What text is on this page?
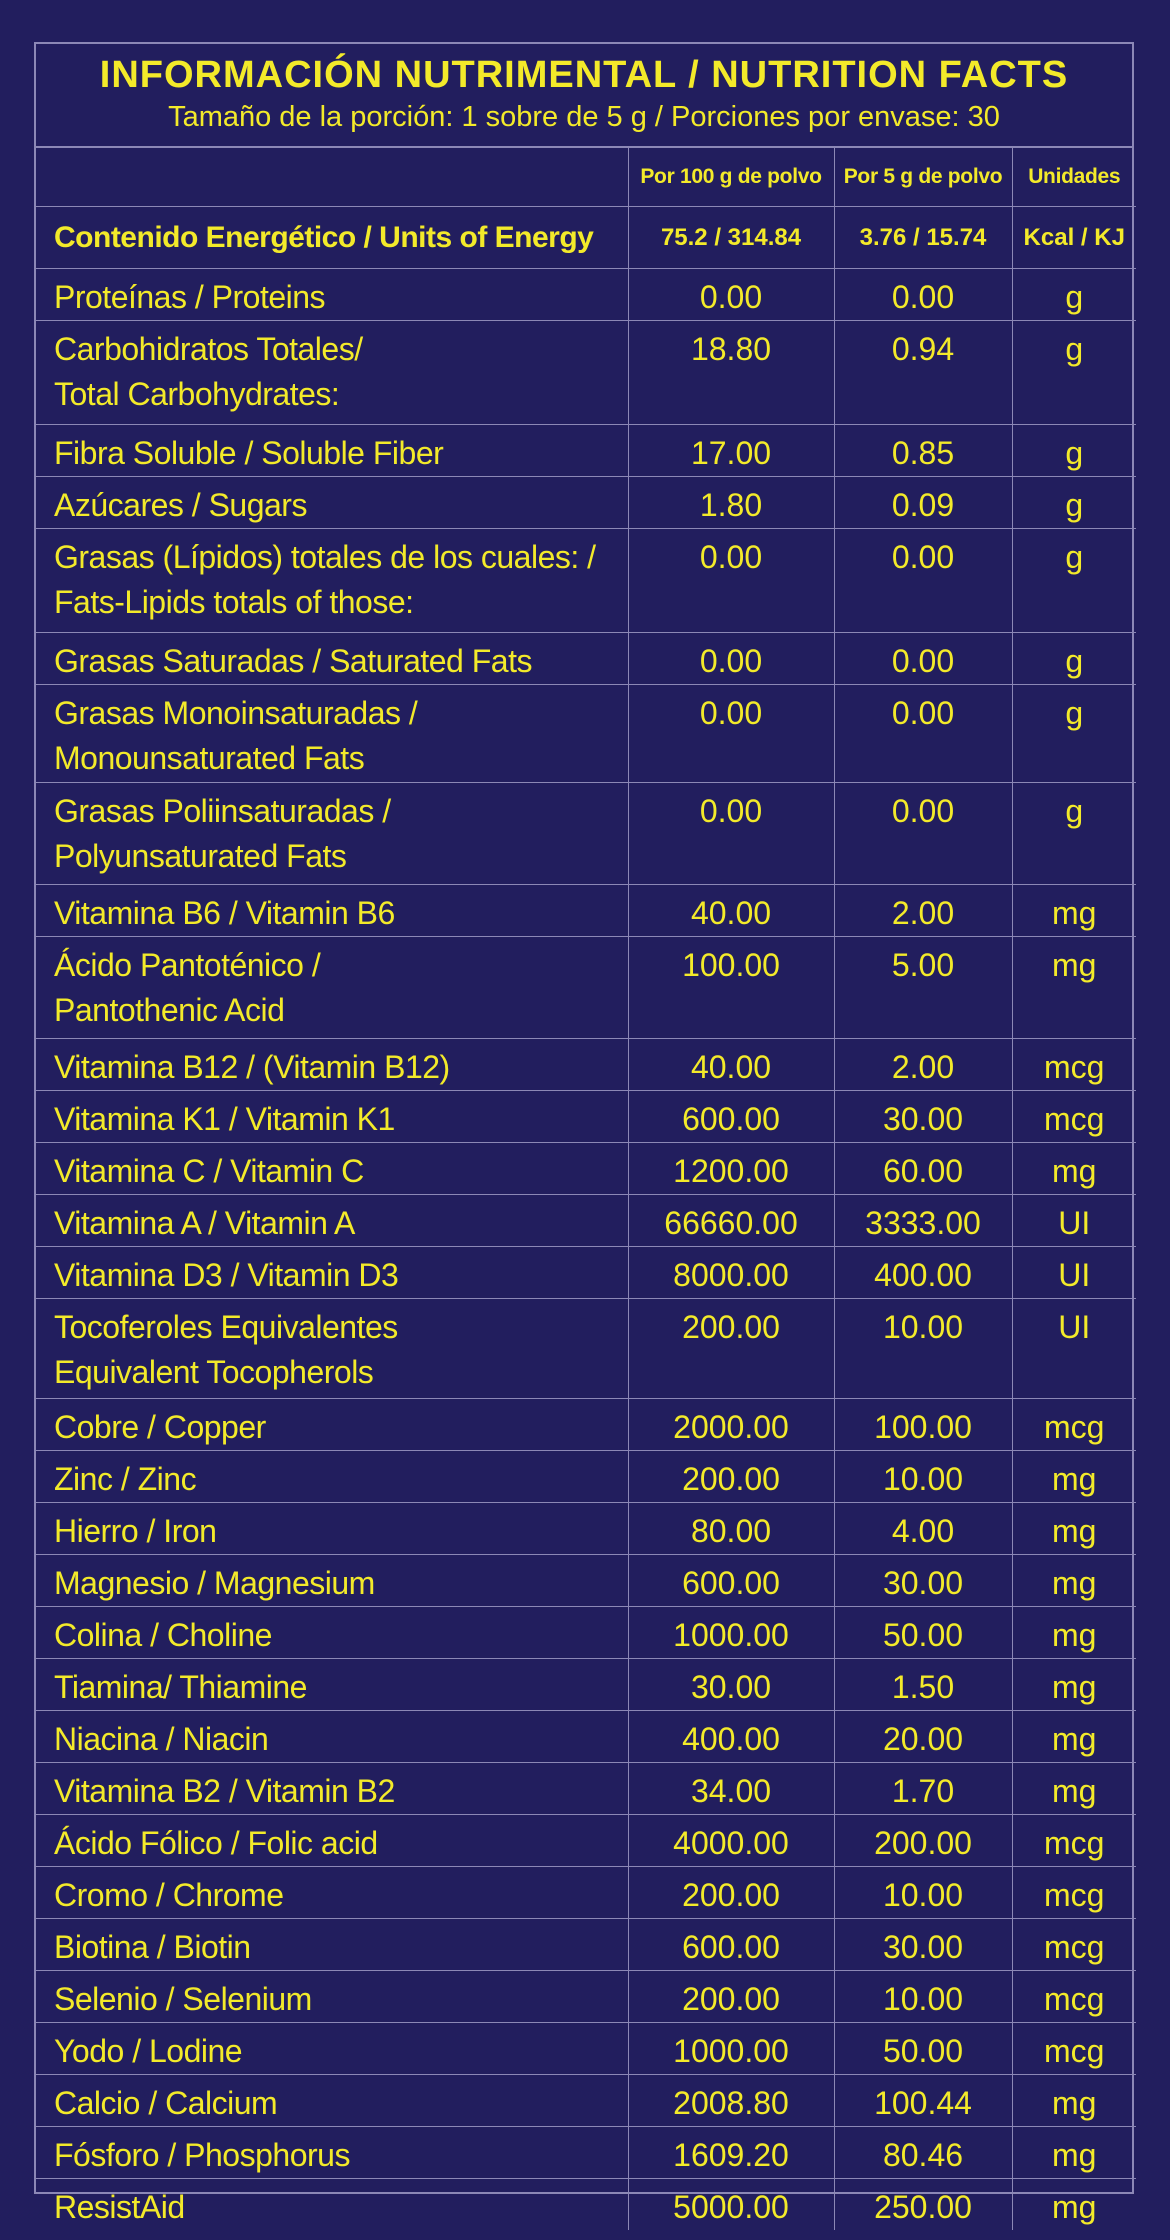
INFORMACIÓN NUTRIMENTAL / NUTRITION FACTS
Tamaño de la porción: 1 sobre de 5 g / Porciones por envase: 30
	Por 100 g de polvo	Por 5 g de polvo	Unidades
Contenido Energético / Units of Energy	75.2 / 314.84	3.76 / 15.74	Kcal / KJ

Proteínas / Proteins	0.00	0.00	g

Carbohidratos Totales/
Total Carbohydrates:	18.80	0.94	g

Fibra Soluble / Soluble Fiber	17.00	0.85	g

Azúcares / Sugars	1.80	0.09	g

Grasas (Lípidos) totales de los cuales: /
Fats-Lipids totals of those:	0.00	0.00	g

Grasas Saturadas / Saturated Fats	0.00	0.00	g

Grasas Monoinsaturadas /
Monounsaturated Fats	0.00	0.00	g

Grasas Poliinsaturadas /
Polyunsaturated Fats	0.00	0.00	g

Vitamina B6 / Vitamin B6	40.00	2.00	mg

Ácido Pantoténico /
Pantothenic Acid	100.00	5.00	mg

Vitamina B12 / (Vitamin B12)	40.00	2.00	mcg

Vitamina K1 / Vitamin K1	600.00	30.00	mcg

Vitamina C / Vitamin C	1200.00	60.00	mg

Vitamina A / Vitamin A	66660.00	3333.00	UI

Vitamina D3 / Vitamin D3	8000.00	400.00	UI

Tocoferoles Equivalentes
Equivalent Tocopherols	200.00	10.00	UI

Cobre / Copper	2000.00	100.00	mcg

Zinc / Zinc	200.00	10.00	mg

Hierro / Iron	80.00	4.00	mg

Magnesio / Magnesium	600.00	30.00	mg

Colina / Choline	1000.00	50.00	mg

Tiamina/ Thiamine	30.00	1.50	mg

Niacina / Niacin	400.00	20.00	mg

Vitamina B2 / Vitamin B2	34.00	1.70	mg

Ácido Fólico / Folic acid	4000.00	200.00	mcg

Cromo / Chrome	200.00	10.00	mcg

Biotina / Biotin	600.00	30.00	mcg

Selenio / Selenium	200.00	10.00	mcg

Yodo / Lodine	1000.00	50.00	mcg

Calcio / Calcium	2008.80	100.44	mg

Fósforo / Phosphorus	1609.20	80.46	mg

ResistAid	5000.00	250.00	mg
